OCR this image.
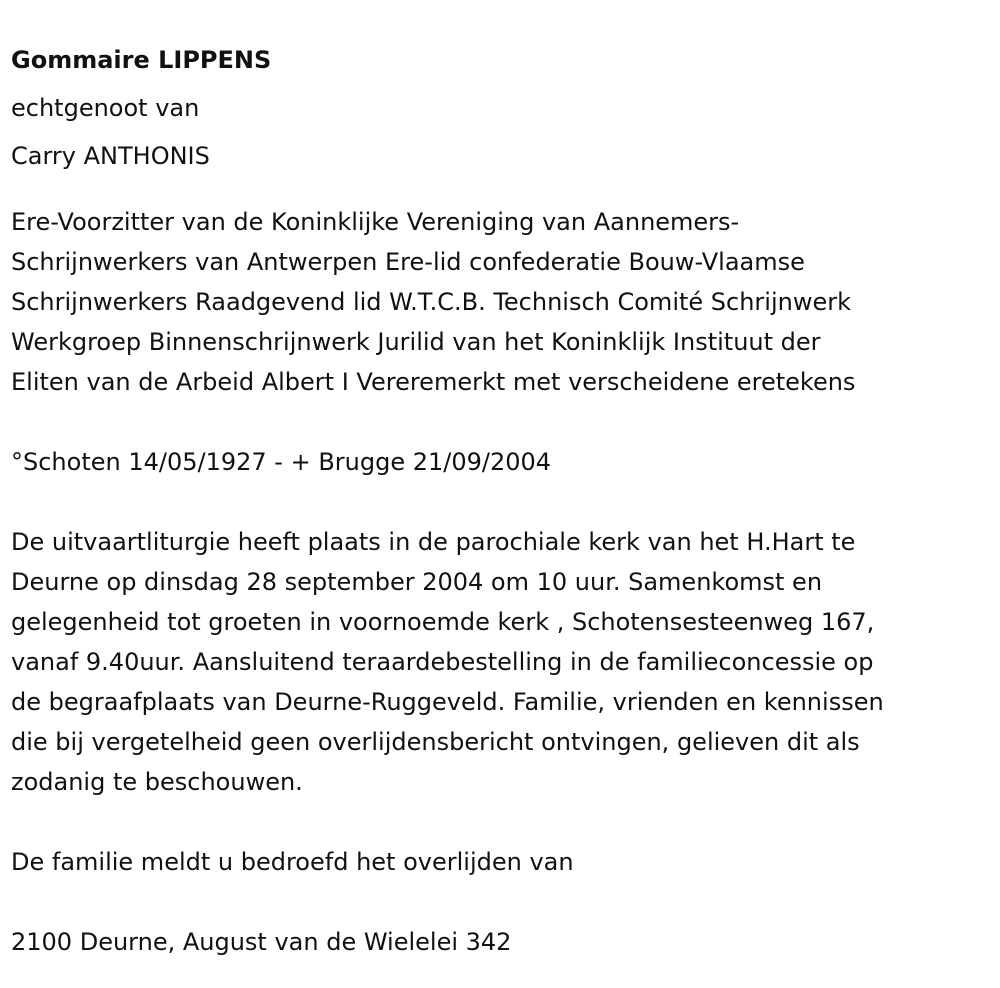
Gommaire LIPPENS

echtgenoot van

Carry ANTHONIS

Ere-Voorzitter van de Koninklijke Vereniging van Aannemers-

Schrijnwerkers van Antwerpen Ere-lid confederatie Bouw-Vlaamse

Schrijnwerkers Raadgevend lid W.T.C.B. Technisch Comité Schrijnwerk

Werkgroep Binnenschrijnwerk Jurilid van het Koninklijk Instituut der

Eliten van de Arbeid Albert I Vereremerkt met verscheidene eretekens

°Schoten 14/05/1927 - + Brugge 21/09/2004

De uitvaartliturgie heeft plaats in de parochiale kerk van het H.Hart te

Deurne op dinsdag 28 september 2004 om 10 uur. Samenkomst en

gelegenheid tot groeten in voornoemde kerk , Schotensesteenweg 167,

vanaf 9.40uur. Aansluitend teraardebestelling in de familieconcessie op

de begraafplaats van Deurne-Ruggeveld. Familie, vrienden en kennissen

die bij vergetelheid geen overlijdensbericht ontvingen, gelieven dit als

zodanig te beschouwen.

De familie meldt u bedroefd het overlijden van

2100 Deurne, August van de Wielelei 342
